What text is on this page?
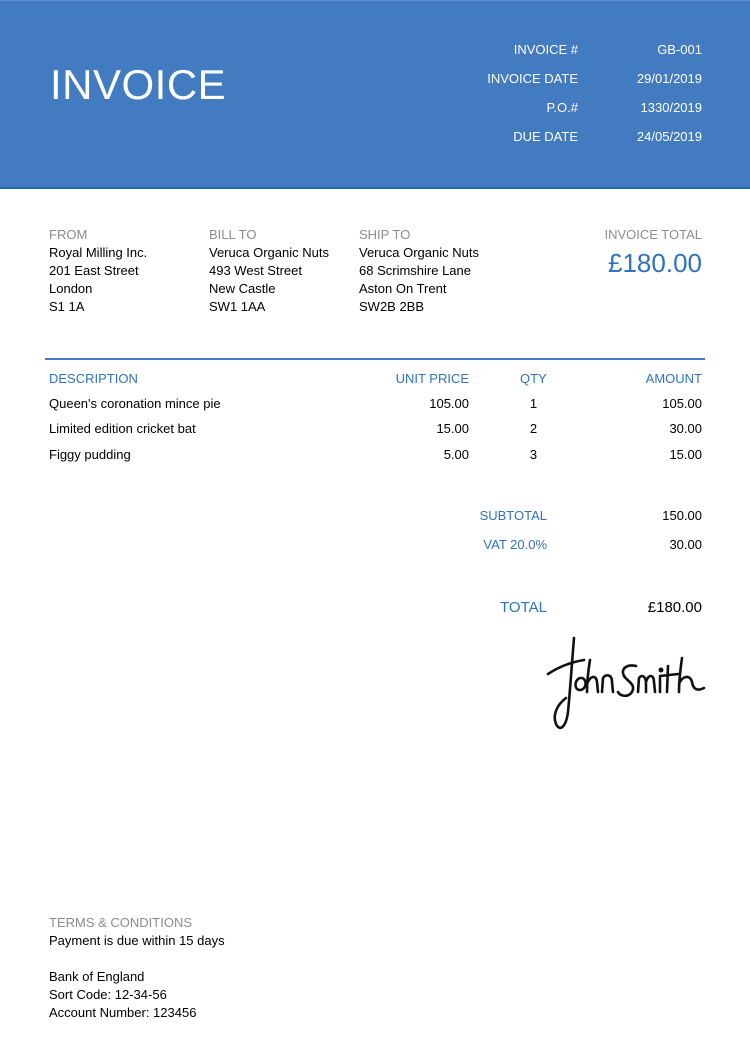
INVOICE
INVOICE #	GB-001
INVOICE DATE	29/01/2019
P.O.#	1330/2019
DUE DATE	24/05/2019
FROM
Royal Milling Inc.
201 East Street
London
S1 1A
BILL TO
Veruca Organic Nuts
493 West Street
New Castle
SW1 1AA
SHIP TO
Veruca Organic Nuts
68 Scrimshire Lane
Aston On Trent
SW2B 2BB
INVOICE TOTAL
£180.00
DESCRIPTION	UNIT PRICE	QTY	AMOUNT
Queen's coronation mince pie	105.00	1	105.00
Limited edition cricket bat	15.00	2	30.00
Figgy pudding	5.00	3	15.00
SUBTOTAL	150.00
VAT 20.0%	30.00
TOTAL	£180.00
TERMS & CONDITIONS
Payment is due within 15 days
Bank of England
Sort Code: 12-34-56
Account Number: 123456
